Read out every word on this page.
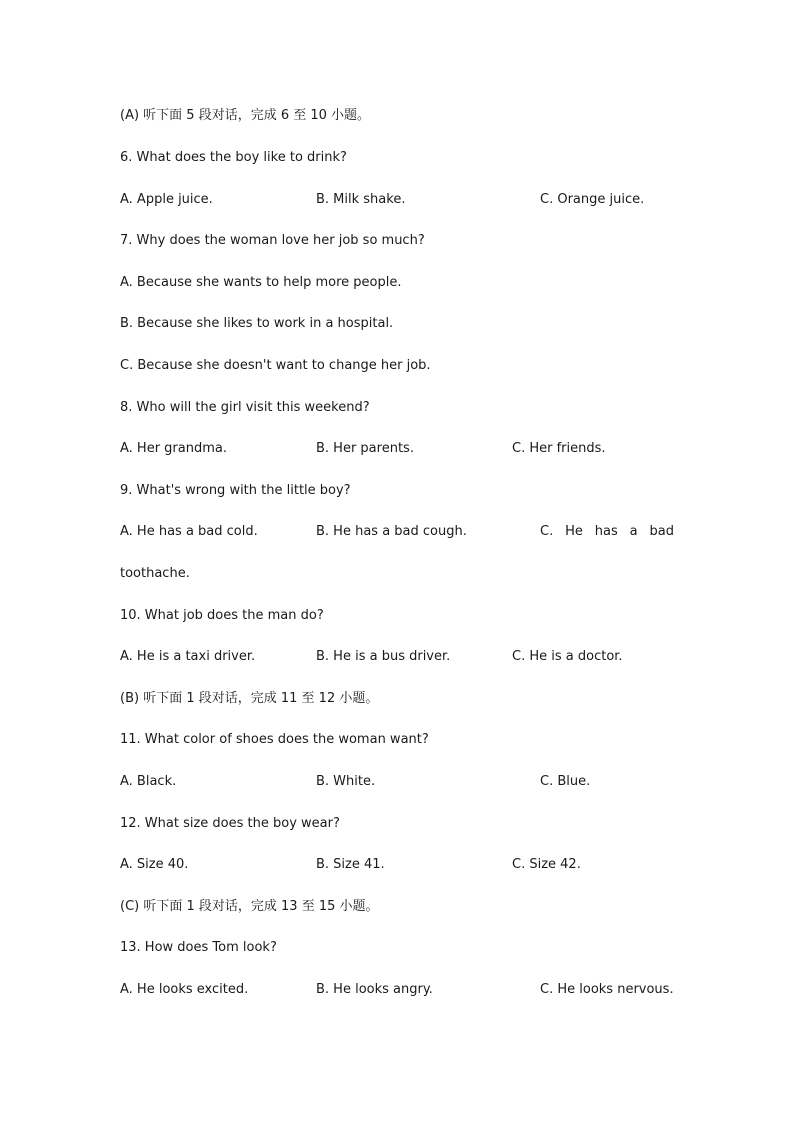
(A) 听下面 5 段对话，完成 6 至 10 小题。
6. What does the boy like to drink?
A. Apple juice.	B. Milk shake.	C. Orange juice.
7. Why does the woman love her job so much?
A. Because she wants to help more people.
B. Because she likes to work in a hospital.
C. Because she doesn't want to change her job.
8. Who will the girl visit this weekend?
A. Her grandma.	B. Her parents.	C. Her friends.
9. What's wrong with the little boy?
A. He has a bad cold.	B. He has a bad cough.	C. He has a bad
toothache.
10. What job does the man do?
A. He is a taxi driver.	B. He is a bus driver.	C. He is a doctor.
(B) 听下面 1 段对话，完成 11 至 12 小题。
11. What color of shoes does the woman want?
A. Black.	B. White.	C. Blue.
12. What size does the boy wear?
A. Size 40.	B. Size 41.	C. Size 42.
(C) 听下面 1 段对话，完成 13 至 15 小题。
13. How does Tom look?
A. He looks excited.	B. He looks angry.	C. He looks nervous.
